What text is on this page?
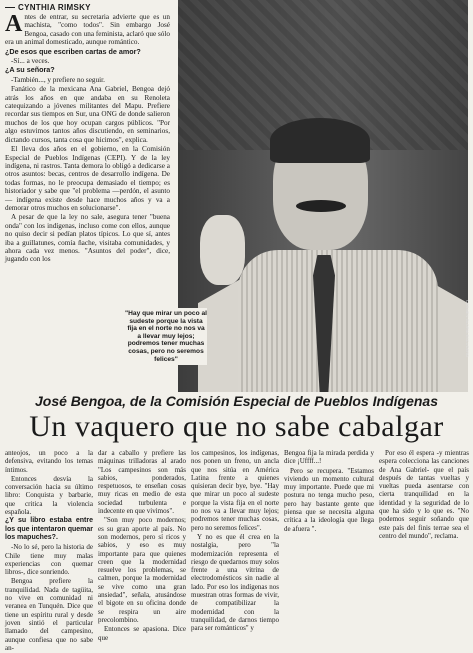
CYNTHIA RIMSKY

Antes de entrar, su secretaria advierte que es un machista, "como todos". Sin embargo José Bengoa, casado con una feminista, aclaró que sólo era un animal domesticado, aunque romántico.

¿De esos que escriben cartas de amor?

-Sí... a veces.

¿A su señora?

-También..., y prefiere no seguir.

Fanático de la mexicana Ana Gabriel, Bengoa dejó atrás los años en que andaba en su Renoleta catequizando a jóvenes militantes del Mapu. Prefiere recordar sus tiempos en Sur, una ONG de donde salieron muchos de los que hoy ocupan cargos públicos. "Por algo estuvimos tantos años discutiendo, en seminarios, dictando cursos, tanta cosa que hicimos", explica.

El lleva dos años en el gobierno, en la Comisión Especial de Pueblos Indígenas (CEPI). Y de la ley indígena, ni rastros. Tanta demora lo obligó a dedicarse a otros asuntos: becas, centros de desarrollo indígena. De todas formas, no le preocupa demasiado el tiempo; es historiador y sabe que "el problema —perdón, el asunto— indígena existe desde hace muchos años y va a demorar otros muchos en solucionarse".

A pesar de que la ley no sale, asegura tener "buena onda" con los indígenas, incluso come con ellos, aunque no quiso decir si pedían platos típicos. Lo que sí, antes iba a guillatunes, comía ñache, visitaba comunidades, y ahora cada vez menos. "Asuntos del poder", dice, jugando con los

"Hay que mirar un poco al sudeste porque la vista fija en el norte no nos va a llevar muy lejos; podremos tener muchas cosas, pero no seremos felices"
CARMEN GLORIA ESCUDERO
José Bengoa, de la Comisión Especial de Pueblos Indígenas
Un vaquero que no sabe cabalgar

anteojos, un poco a la defensiva, evitando los temas íntimos.

Entonces desvía la conversación hacia su último libro: Conquista y barbarie, que critica la violencia española.

¿Y su libro estaba entre los que intentaron quemar los mapuches?.

-No lo sé, pero la historia de Chile tiene muy malas experiencias con quemar libros-, dice sonriendo.

Bengoa prefiere la tranquilidad. Nada de tagüita, no vive en comunidad ni veranea en Tunquén. Dice que tiene un espíritu rural y desde joven sintió el particular llamado del campesino, aunque confiesa que no sabe an-

dar a caballo y prefiere las máquinas trilladoras al arado "Los campesinos son más sabios, ponderados, respetuosos, te enseñan cosas muy ricas en medio de esta sociedad turbulenta e indecente en que vivimos".

"Son muy poco modernos; es su gran aporte al país. No son modernos, pero sí ricos y sabios, y eso es muy importante para que quienes creen que la modernidad resuelve los problemas, se calmen, porque la modernidad se vive como una gran ansiedad", señala, atusándose el bigote en su oficina donde se respira un aire precolombino.

Entonces se apasiona. Dice que

los campesinos, los indígenas, nos ponen un freno, un ancla que nos sitúa en América Latina frente a quienes quisieran decir bye, bye. "Hay que mirar un poco al sudeste porque la vista fija en el norte no nos va a llevar muy lejos; podremos tener muchas cosas, pero no seremos felices".

Y no es que él crea en la nostalgia, pero "la modernización representa el riesgo de quedarnos muy solos frente a una vitrina de electrodomésticos sin nadie al lado. Por eso los indígenas nos muestran otras formas de vivir, de compatibilizar la modernidad con la tranquilidad, de darnos tiempo para ser románticos" y

Bengoa fija la mirada perdida y dice ¡Uffff...!

Pero se recupera. "Estamos viviendo un momento cultural muy importante. Puede que mi postura no tenga mucho peso, pero hay bastante gente que piensa que se necesita alguna crítica a la ideología que llega de afuera ".

Por eso él espera -y mientras espera colecciona las canciones de Ana Gabriel- que el país después de tantas vueltas y vueltas pueda asentarse con cierta tranquilidad en la identidad y la seguridad de lo que ha sido y lo que es. "No podemos seguir soñando que este país del finis terrae sea el centro del mundo", reclama.
